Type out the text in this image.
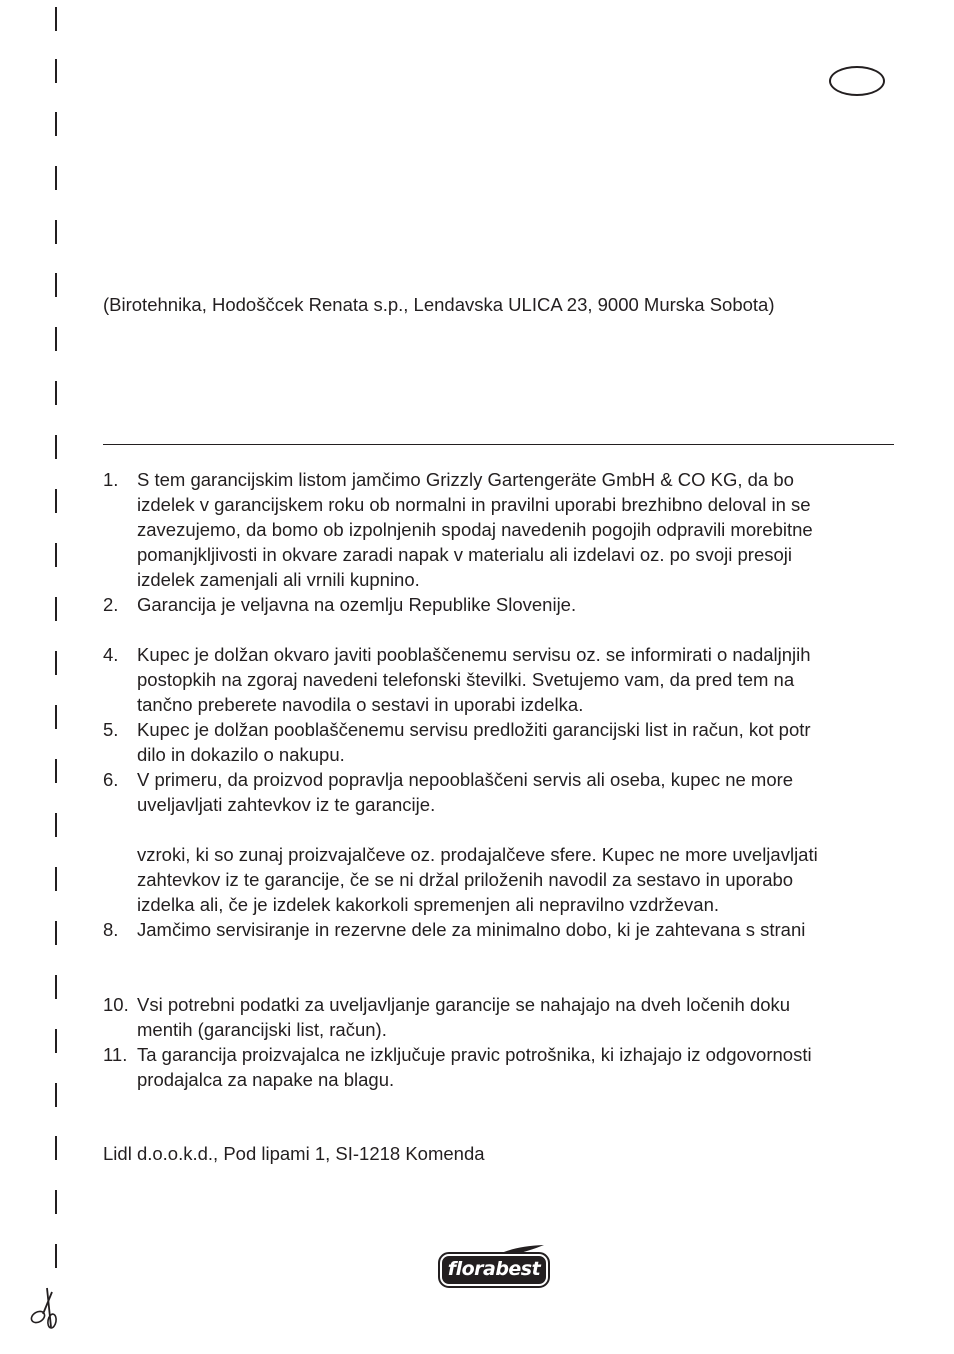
(Birotehnika, Hodoščcek Renata s.p., Lendavska ULICA 23, 9000 Murska Sobota)
1.	S tem garancijskim listom jamčimo Grizzly Gartengeräte GmbH & CO KG, da bo
izdelek v garancijskem roku ob normalni in pravilni uporabi brezhibno deloval in se
zavezujemo, da bomo ob izpolnjenih spodaj navedenih pogojih odpravili morebitne
pomanjkljivosti in okvare zaradi napak v materialu ali izdelavi oz. po svoji presoji
izdelek zamenjali ali vrnili kupnino.
2.	Garancija je veljavna na ozemlju Republike Slovenije.
4.	Kupec je dolžan okvaro javiti pooblaščenemu servisu oz. se informirati o nadaljnjih
postopkih na zgoraj navedeni telefonski številki. Svetujemo vam, da pred tem na
tančno preberete navodila o sestavi in uporabi izdelka.
5.	Kupec je dolžan pooblaščenemu servisu predložiti garancijski list in račun, kot potr
dilo in dokazilo o nakupu.
6.	V primeru, da proizvod popravlja nepooblaščeni servis ali oseba, kupec ne more
uveljavljati zahtevkov iz te garancije.
vzroki, ki so zunaj proizvajalčeve oz. prodajalčeve sfere. Kupec ne more uveljavljati
zahtevkov iz te garancije, če se ni držal priloženih navodil za sestavo in uporabo
izdelka ali, če je izdelek kakorkoli spremenjen ali nepravilno vzdrževan.
8.	Jamčimo servisiranje in rezervne dele za minimalno dobo, ki je zahtevana s strani
10. Vsi potrebni podatki za uveljavljanje garancije se nahajajo na dveh ločenih doku
mentih (garancijski list, račun).
11. Ta garancija proizvajalca ne izključuje pravic potrošnika, ki izhajajo iz odgovornosti
prodajalca za napake na blagu.
Lidl d.o.o.k.d., Pod lipami 1, SI-1218 Komenda
florabest
